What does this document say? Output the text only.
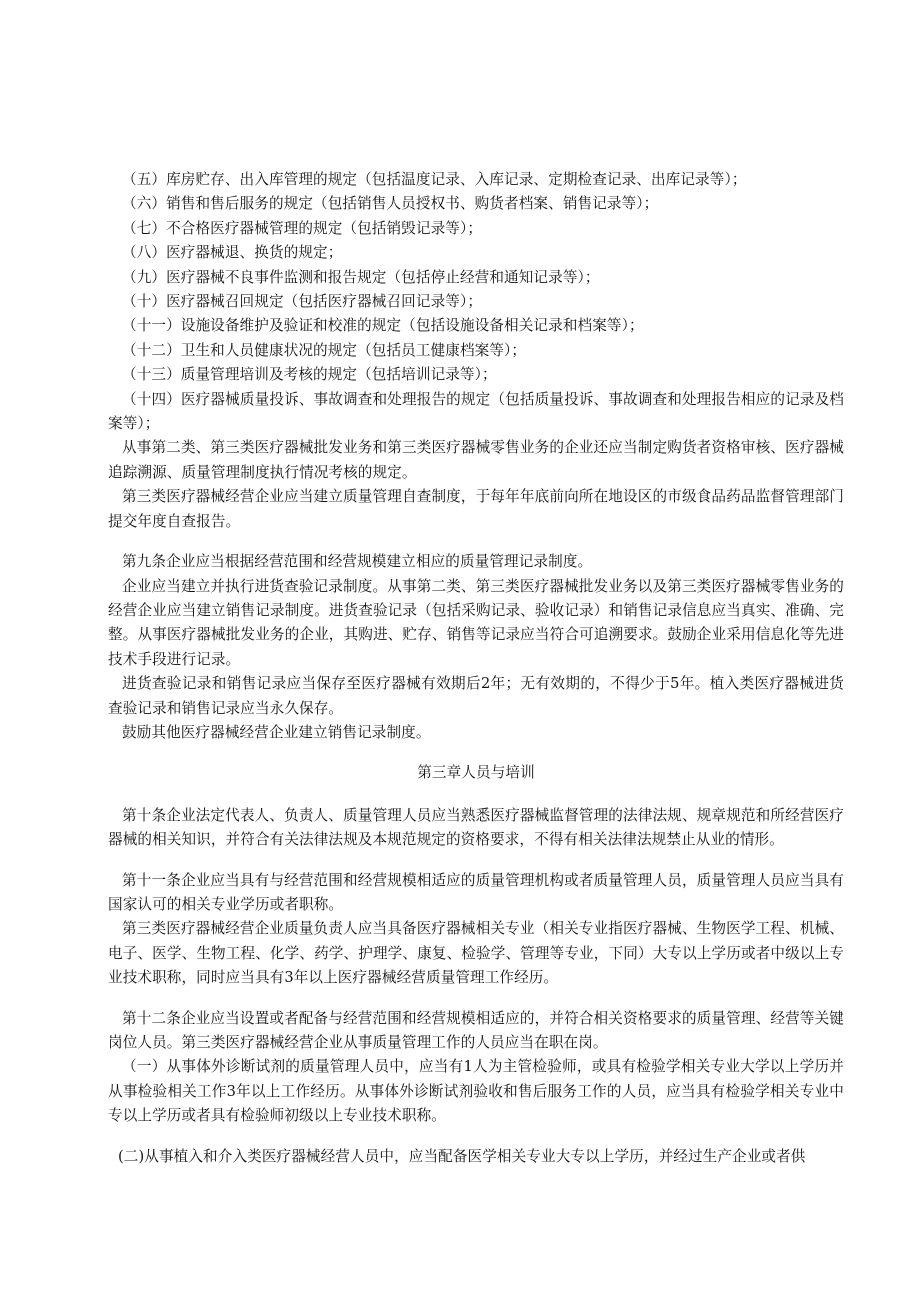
（五）库房贮存、出入库管理的规定（包括温度记录、入库记录、定期检查记录、出库记录等）；

（六）销售和售后服务的规定（包括销售人员授权书、购货者档案、销售记录等）；

（七）不合格医疗器械管理的规定（包括销毁记录等）；

（八）医疗器械退、换货的规定；

（九）医疗器械不良事件监测和报告规定（包括停止经营和通知记录等）；

（十）医疗器械召回规定（包括医疗器械召回记录等）；

（十一）设施设备维护及验证和校准的规定（包括设施设备相关记录和档案等）；

（十二）卫生和人员健康状况的规定（包括员工健康档案等）；

（十三）质量管理培训及考核的规定（包括培训记录等）；

（十四）医疗器械质量投诉、事故调查和处理报告的规定（包括质量投诉、事故调查和处理报告相应的记录及档案等）；

从事第二类、第三类医疗器械批发业务和第三类医疗器械零售业务的企业还应当制定购货者资格审核、医疗器械追踪溯源、质量管理制度执行情况考核的规定。

第三类医疗器械经营企业应当建立质量管理自查制度，于每年年底前向所在地设区的市级食品药品监督管理部门提交年度自查报告。

第九条企业应当根据经营范围和经营规模建立相应的质量管理记录制度。

企业应当建立并执行进货查验记录制度。从事第二类、第三类医疗器械批发业务以及第三类医疗器械零售业务的经营企业应当建立销售记录制度。进货查验记录（包括采购记录、验收记录）和销售记录信息应当真实、准确、完整。从事医疗器械批发业务的企业，其购进、贮存、销售等记录应当符合可追溯要求。鼓励企业采用信息化等先进技术手段进行记录。

进货查验记录和销售记录应当保存至医疗器械有效期后2年；无有效期的，不得少于5年。植入类医疗器械进货查验记录和销售记录应当永久保存。

鼓励其他医疗器械经营企业建立销售记录制度。

第三章人员与培训

第十条企业法定代表人、负责人、质量管理人员应当熟悉医疗器械监督管理的法律法规、规章规范和所经营医疗器械的相关知识，并符合有关法律法规及本规范规定的资格要求，不得有相关法律法规禁止从业的情形。

第十一条企业应当具有与经营范围和经营规模相适应的质量管理机构或者质量管理人员，质量管理人员应当具有国家认可的相关专业学历或者职称。

第三类医疗器械经营企业质量负责人应当具备医疗器械相关专业（相关专业指医疗器械、生物医学工程、机械、电子、医学、生物工程、化学、药学、护理学、康复、检验学、管理等专业，下同）大专以上学历或者中级以上专业技术职称，同时应当具有3年以上医疗器械经营质量管理工作经历。

第十二条企业应当设置或者配备与经营范围和经营规模相适应的，并符合相关资格要求的质量管理、经营等关键岗位人员。第三类医疗器械经营企业从事质量管理工作的人员应当在职在岗。

（一）从事体外诊断试剂的质量管理人员中，应当有1人为主管检验师，或具有检验学相关专业大学以上学历并从事检验相关工作3年以上工作经历。从事体外诊断试剂验收和售后服务工作的人员，应当具有检验学相关专业中专以上学历或者具有检验师初级以上专业技术职称。

(二)从事植入和介入类医疗器械经营人员中，应当配备医学相关专业大专以上学历，并经过生产企业或者供
